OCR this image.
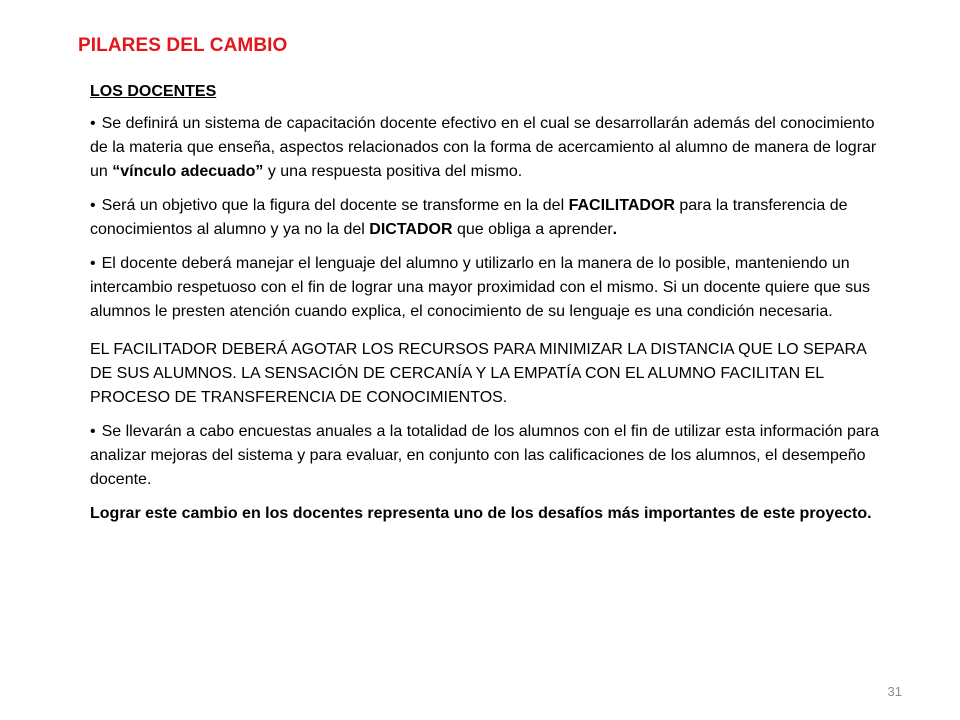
PILARES DEL CAMBIO

LOS DOCENTES

• Se definirá un sistema de capacitación docente efectivo en el cual se desarrollarán además del conocimiento de la materia que enseña, aspectos relacionados con la forma de acercamiento al alumno de manera de lograr un “vínculo adecuado” y una respuesta positiva del mismo.

• Será un objetivo que la figura del docente se transforme en la del FACILITADOR para la transferencia de conocimientos al alumno y ya no la del DICTADOR que obliga a aprender.

• El docente deberá manejar el lenguaje del alumno y utilizarlo en la manera de lo posible, manteniendo un intercambio respetuoso con el fin de lograr una mayor proximidad con el mismo. Si un docente quiere que sus alumnos le presten atención cuando explica, el conocimiento de su lenguaje es una condición necesaria.

EL FACILITADOR DEBERÁ AGOTAR LOS RECURSOS PARA MINIMIZAR LA DISTANCIA QUE LO SEPARA DE SUS ALUMNOS. LA SENSACIÓN DE CERCANÍA Y LA EMPATÍA CON EL ALUMNO FACILITAN EL PROCESO DE TRANSFERENCIA DE CONOCIMIENTOS.

• Se llevarán a cabo encuestas anuales a la totalidad de los alumnos con el fin de utilizar esta información para analizar mejoras del sistema y para evaluar, en conjunto con las calificaciones de los alumnos, el desempeño docente.

Lograr este cambio en los docentes representa uno de los desafíos más importantes de este proyecto.

31
